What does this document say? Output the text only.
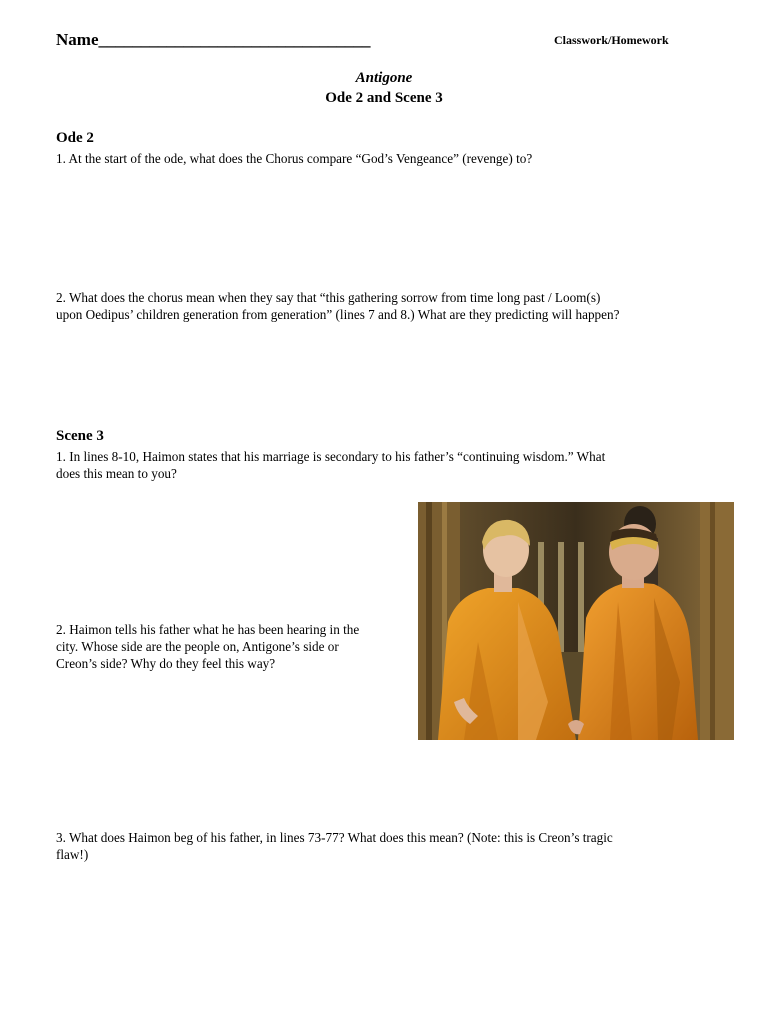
Name________________________________	Classwork/Homework
Antigone
Ode 2 and Scene 3
Ode 2
1. At the start of the ode, what does the Chorus compare “God’s Vengeance” (revenge) to?
2. What does the chorus mean when they say that “this gathering sorrow from time long past / Loom(s)
upon Oedipus’ children generation from generation” (lines 7 and 8.) What are they predicting will happen?
Scene 3
1. In lines 8-10, Haimon states that his marriage is secondary to his father’s “continuing wisdom.” What
does this mean to you?
2. Haimon tells his father what he has been hearing in the
city. Whose side are the people on, Antigone’s side or
Creon’s side? Why do they feel this way?
3. What does Haimon beg of his father, in lines 73-77? What does this mean? (Note: this is Creon’s tragic
flaw!)
